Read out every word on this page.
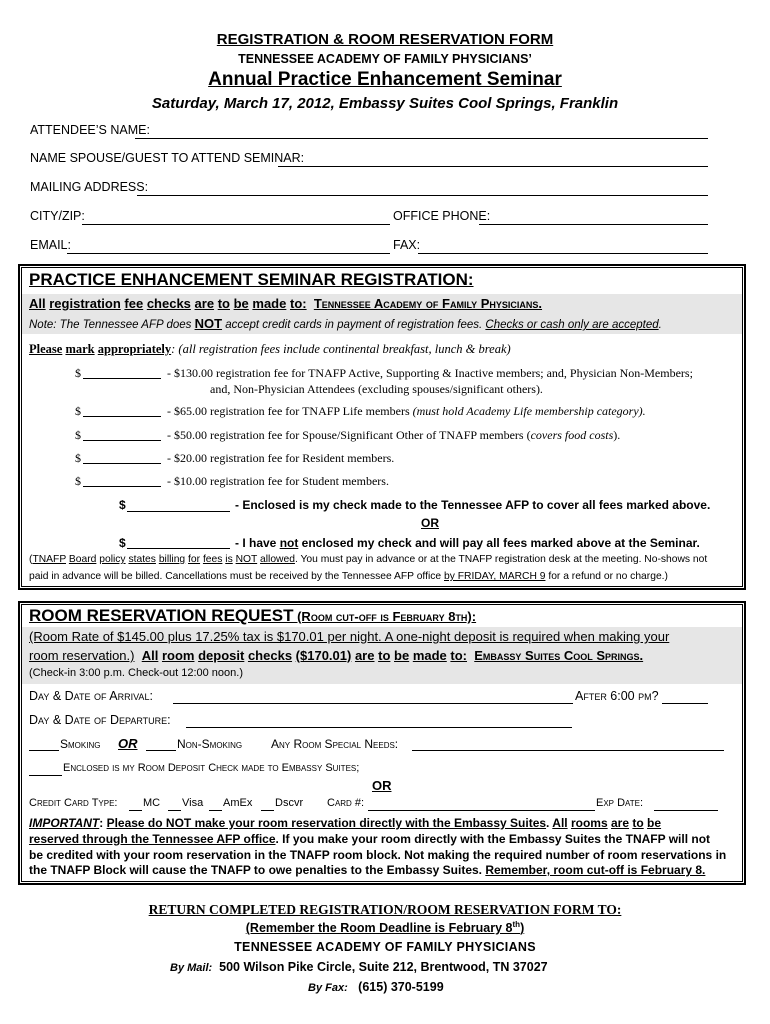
REGISTRATION & ROOM RESERVATION FORM
TENNESSEE ACADEMY OF FAMILY PHYSICIANS’
Annual Practice Enhancement Seminar
Saturday, March 17, 2012, Embassy Suites Cool Springs, Franklin
ATTENDEE’S NAME:
NAME SPOUSE/GUEST TO ATTEND SEMINAR:
MAILING ADDRESS:
CITY/ZIP:	OFFICE PHONE:
EMAIL:	FAX:
PRACTICE ENHANCEMENT SEMINAR REGISTRATION:
All registration fee checks are to be made to: Tennessee Academy of Family Physicians.
Note: The Tennessee AFP does NOT accept credit cards in payment of registration fees. Checks or cash only are accepted.
Please mark appropriately: (all registration fees include continental breakfast, lunch & break)
$	- $130.00 registration fee for TNAFP Active, Supporting & Inactive members; and, Physician Non-Members;
and, Non-Physician Attendees (excluding spouses/significant others).
$	- $65.00 registration fee for TNAFP Life members (must hold Academy Life membership category).
$	- $50.00 registration fee for Spouse/Significant Other of TNAFP members (covers food costs).
$	- $20.00 registration fee for Resident members.
$	- $10.00 registration fee for Student members.
$	- Enclosed is my check made to the Tennessee AFP to cover all fees marked above.
OR
$	- I have not enclosed my check and will pay all fees marked above at the Seminar.
(TNAFP Board policy states billing for fees is NOT allowed. You must pay in advance or at the TNAFP registration desk at the meeting. No-shows not
paid in advance will be billed. Cancellations must be received by the Tennessee AFP office by FRIDAY, MARCH 9 for a refund or no charge.)
ROOM RESERVATION REQUEST (Room cut-off is February 8th):
(Room Rate of $145.00 plus 17.25% tax is $170.01 per night. A one-night deposit is required when making your
room reservation.) All room deposit checks ($170.01) are to be made to: Embassy Suites Cool Springs.
(Check-in 3:00 p.m. Check-out 12:00 noon.)
Day & Date of Arrival:	After 6:00 pm?
Day & Date of Departure:
Smoking OR	Non-Smoking Any Room Special Needs:
Enclosed is my Room Deposit Check made to Embassy Suites;
OR
Credit Card Type: MC Visa AmEx Dscvr Card #:	Exp Date:
IMPORTANT: Please do NOT make your room reservation directly with the Embassy Suites. All rooms are to be
reserved through the Tennessee AFP office. If you make your room directly with the Embassy Suites the TNAFP will not
be credited with your room reservation in the TNAFP room block. Not making the required number of room reservations in
the TNAFP Block will cause the TNAFP to owe penalties to the Embassy Suites. Remember, room cut-off is February 8.
RETURN COMPLETED REGISTRATION/ROOM RESERVATION FORM TO:
(Remember the Room Deadline is February 8th)
TENNESSEE ACADEMY OF FAMILY PHYSICIANS
By Mail: 500 Wilson Pike Circle, Suite 212, Brentwood, TN 37027
By Fax: (615) 370-5199
